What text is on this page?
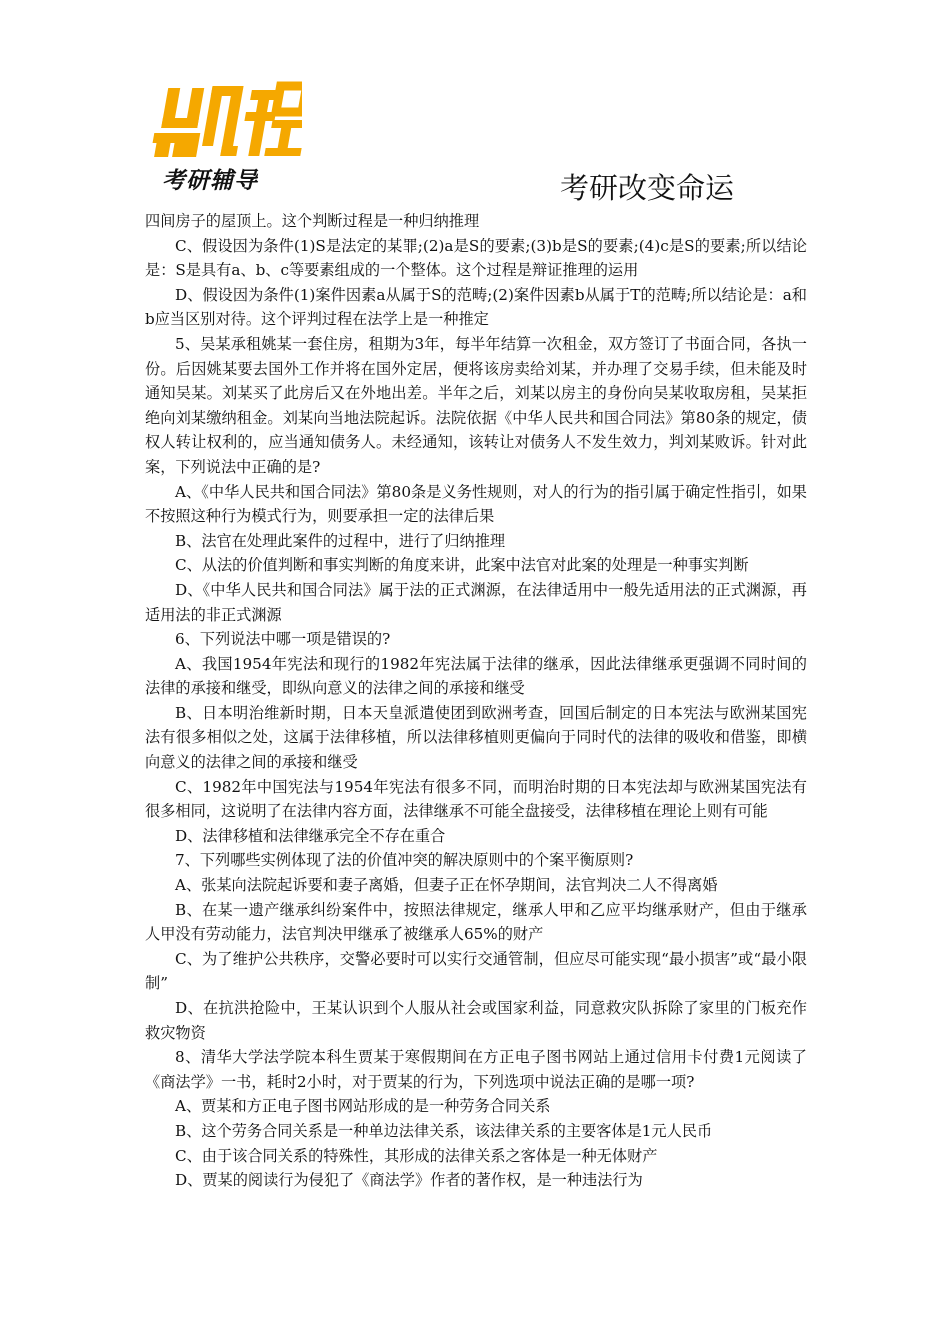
考研辅导	考研改变命运

四间房子的屋顶上。这个判断过程是一种归纳推理

C、假设因为条件(1)S是法定的某罪;(2)a是S的要素;(3)b是S的要素;(4)c是S的要素;所以结论是：S是具有a、b、c等要素组成的一个整体。这个过程是辩证推理的运用

D、假设因为条件(1)案件因素a从属于S的范畴;(2)案件因素b从属于T的范畴;所以结论是：a和b应当区别对待。这个评判过程在法学上是一种推定

5、吴某承租姚某一套住房，租期为3年，每半年结算一次租金，双方签订了书面合同，各执一份。后因姚某要去国外工作并将在国外定居，便将该房卖给刘某，并办理了交易手续，但未能及时通知吴某。刘某买了此房后又在外地出差。半年之后，刘某以房主的身份向吴某收取房租，吴某拒绝向刘某缴纳租金。刘某向当地法院起诉。法院依据《中华人民共和国合同法》第80条的规定，债权人转让权利的，应当通知债务人。未经通知，该转让对债务人不发生效力，判刘某败诉。针对此案，下列说法中正确的是?

A、《中华人民共和国合同法》第80条是义务性规则，对人的行为的指引属于确定性指引，如果不按照这种行为模式行为，则要承担一定的法律后果

B、法官在处理此案件的过程中，进行了归纳推理

C、从法的价值判断和事实判断的角度来讲，此案中法官对此案的处理是一种事实判断

D、《中华人民共和国合同法》属于法的正式渊源，在法律适用中一般先适用法的正式渊源，再适用法的非正式渊源

6、下列说法中哪一项是错误的?

A、我国1954年宪法和现行的1982年宪法属于法律的继承，因此法律继承更强调不同时间的法律的承接和继受，即纵向意义的法律之间的承接和继受

B、日本明治维新时期，日本天皇派遣使团到欧洲考查，回国后制定的日本宪法与欧洲某国宪法有很多相似之处，这属于法律移植，所以法律移植则更偏向于同时代的法律的吸收和借鉴，即横向意义的法律之间的承接和继受

C、1982年中国宪法与1954年宪法有很多不同，而明治时期的日本宪法却与欧洲某国宪法有很多相同，这说明了在法律内容方面，法律继承不可能全盘接受，法律移植在理论上则有可能

D、法律移植和法律继承完全不存在重合

7、下列哪些实例体现了法的价值冲突的解决原则中的个案平衡原则?

A、张某向法院起诉要和妻子离婚，但妻子正在怀孕期间，法官判决二人不得离婚

B、在某一遗产继承纠纷案件中，按照法律规定，继承人甲和乙应平均继承财产，但由于继承人甲没有劳动能力，法官判决甲继承了被继承人65%的财产

C、为了维护公共秩序，交警必要时可以实行交通管制，但应尽可能实现“最小损害”或“最小限制”

D、在抗洪抢险中，王某认识到个人服从社会或国家利益，同意救灾队拆除了家里的门板充作救灾物资

8、清华大学法学院本科生贾某于寒假期间在方正电子图书网站上通过信用卡付费1元阅读了《商法学》一书，耗时2小时，对于贾某的行为，下列选项中说法正确的是哪一项?

A、贾某和方正电子图书网站形成的是一种劳务合同关系

B、这个劳务合同关系是一种单边法律关系，该法律关系的主要客体是1元人民币

C、由于该合同关系的特殊性，其形成的法律关系之客体是一种无体财产

D、贾某的阅读行为侵犯了《商法学》作者的著作权，是一种违法行为
